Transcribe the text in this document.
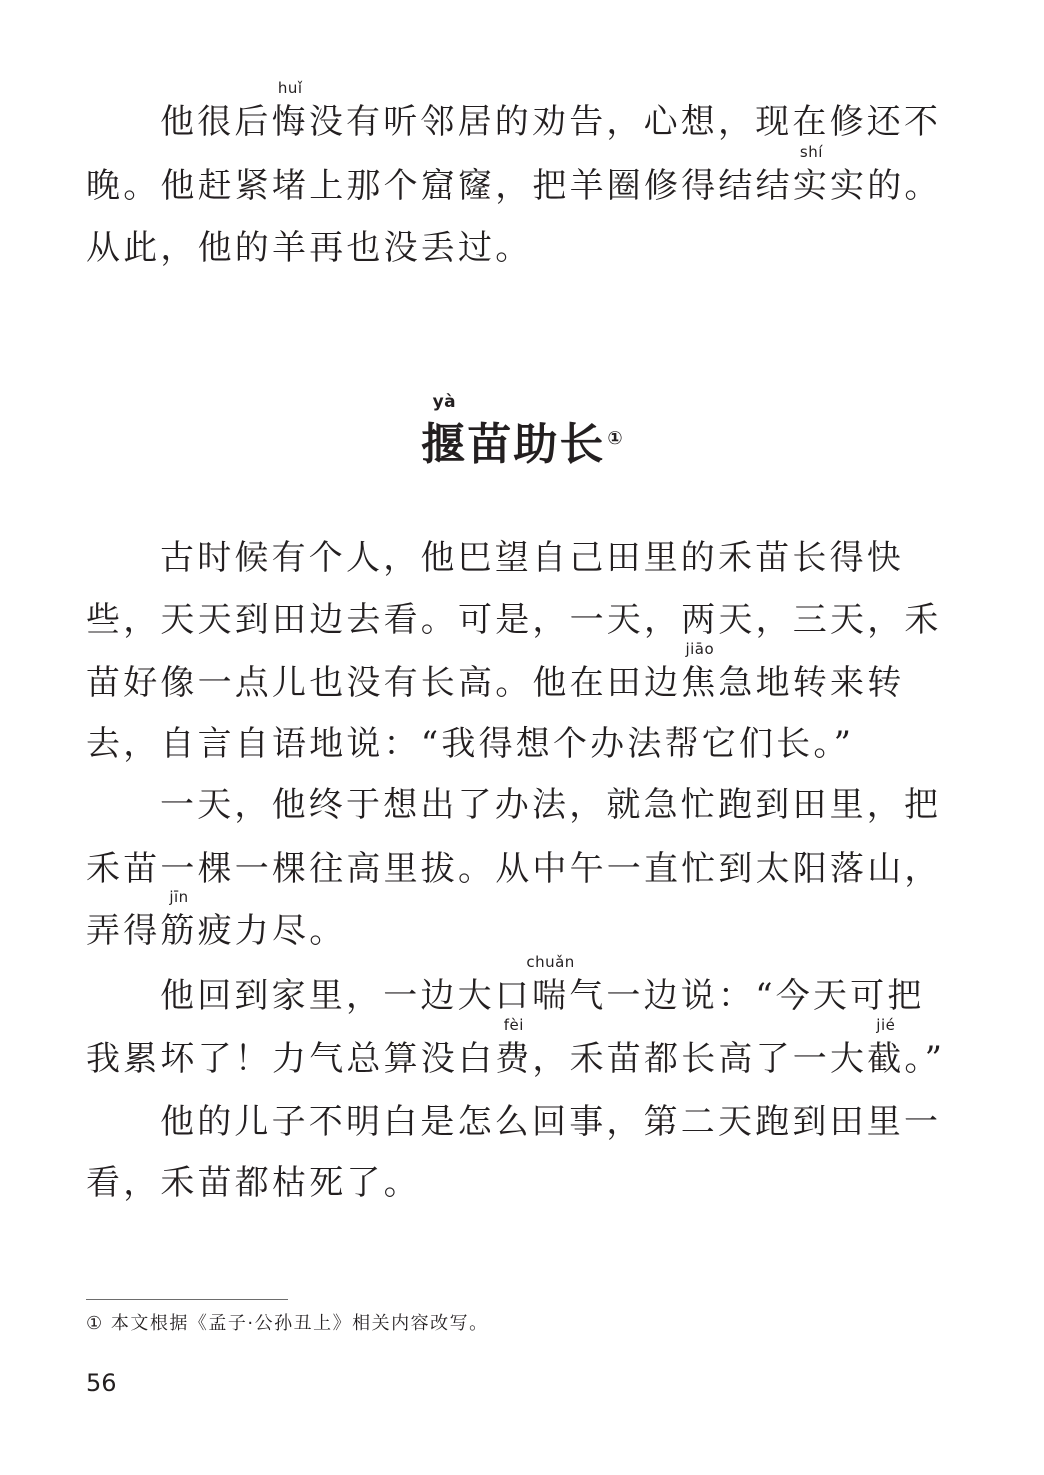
他很后
huǐ
悔没有听邻居的劝告，心想，现在修还不

晚。他赶紧堵上那个窟窿，把羊圈修得结结
shí
实实的。

从此，他的羊再也没丢过。

yà
揠苗助长 ①

古时候有个人，他巴望自己田里的禾苗长得快

些，天天到田边去看。可是，一天，两天，三天，禾

苗好像一点儿也没有长高。他在田边
jiāo
焦急地转来转

去，自言自语地说：“我得想个办法帮它们长。”

一天，他终于想出了办法，就急忙跑到田里，把

禾苗一棵一棵往高里拔。从中午一直忙到太阳落山，

弄得
jīn
筋疲力尽。

他回到家里，一边大口
chuǎn
喘气一边说：“今天可把

我累坏了！力气总算没白
fèi
费，禾苗都长高了一大
jié
截。”

他的儿子不明白是怎么回事，第二天跑到田里一

看，禾苗都枯死了。

① 本文根据《孟子·公孙丑上》相关内容改写。
56
